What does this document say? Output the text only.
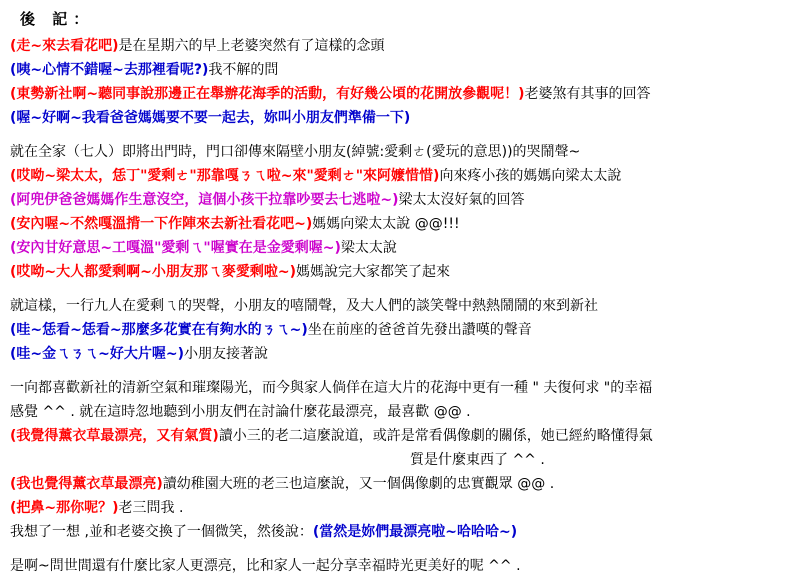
後 記：
(走~來去看花吧)是在星期六的早上老婆突然有了這樣的念頭
(咦~心情不錯喔~去那裡看呢?)我不解的問
(東勢新社啊~聽同事說那邊正在舉辦花海季的活動，有好幾公頃的花開放參觀呢！)老婆煞有其事的回答
(喔~好啊~我看爸爸媽媽要不要一起去，妳叫小朋友們準備一下)
就在全家（七人）即將出門時，門口卻傳來隔壁小朋友(綽號:愛剩ㄜ(愛玩的意思))的哭鬧聲~
(哎呦~梁太太，恁丁"愛剩ㄜ"那靠嘎ㄋㄟ啦~來"愛剩ㄜ"來阿嬤惜惜)向來疼小孩的媽媽向梁太太說
(阿兜伊爸爸媽媽作生意沒空，這個小孩干拉靠吵要去七逃啦~)梁太太沒好氣的回答
(安內喔~不然嘎溫揹一下作陣來去新社看花吧~)媽媽向梁太太說 @@!!!
(安內甘好意思~工嘎溫"愛剩ㄟ"喔實在是金愛剩喔~)梁太太說
(哎呦~大人都愛剩啊~小朋友那ㄟ麥愛剩啦~)媽媽說完大家都笑了起來
就這樣，一行九人在愛剩ㄟ的哭聲，小朋友的嘻鬧聲，及大人們的談笑聲中熱熱鬧鬧的來到新社
(哇~恁看~恁看~那麼多花實在有夠水的ㄋㄟ~)坐在前座的爸爸首先發出讚嘆的聲音
(哇~金ㄟㄋㄟ~好大片喔~)小朋友接著說
一向都喜歡新社的清新空氣和璀璨陽光，而今與家人倘佯在這大片的花海中更有一種 " 夫復何求 "的幸福
感覺 ^^ . 就在這時忽地聽到小朋友們在討論什麼花最漂亮，最喜歡 @@ .
(我覺得薰衣草最漂亮，又有氣質)讀小三的老二這麼說道，或許是常看偶像劇的關係，她已經約略懂得氣
質是什麼東西了 ^^ .
(我也覺得薰衣草最漂亮)讀幼稚園大班的老三也這麼說，又一個偶像劇的忠實觀眾 @@ .
(把鼻~那你呢？)老三問我 .
我想了一想 ,並和老婆交換了一個微笑，然後說：(當然是妳們最漂亮啦~哈哈哈~)
是啊~問世間還有什麼比家人更漂亮，比和家人一起分享幸福時光更美好的呢 ^^ .
